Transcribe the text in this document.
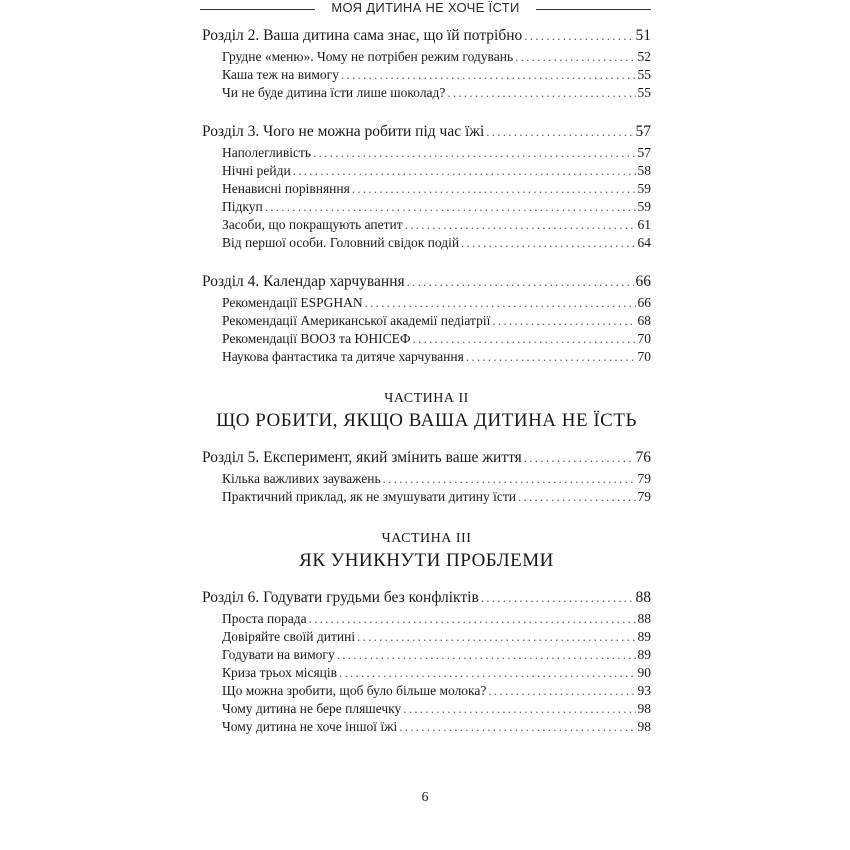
МОЯ ДИТИНА НЕ ХОЧЕ ЇСТИ
Розділ 2. Ваша дитина сама знає, що їй потрібно . . .	51
Грудне «меню». Чому не потрібен режим годувань . . .	52
Каша теж на вимогу . . .	55
Чи не буде дитина їсти лише шоколад? . . .	55
Розділ 3. Чого не можна робити під час їжі . . .	57
Наполегливість . . .	57
Нічні рейди . . .	58
Ненависні порівняння . . .	59
Підкуп . . .	59
Засоби, що покращують апетит . . .	61
Від першої особи. Головний свідок подій . . .	64
Розділ 4. Календар харчування . . .	66
Рекомендації ESPGHAN . . .	66
Рекомендації Американської академії педіатрії . . .	68
Рекомендації ВООЗ та ЮНІСЕФ . . .	70
Наукова фантастика та дитяче харчування . . .	70
ЧАСТИНА II
ЩО РОБИТИ, ЯКЩО ВАША ДИТИНА НЕ ЇСТЬ
Розділ 5. Експеримент, який змінить ваше життя . . .	76
Кілька важливих зауважень . . .	79
Практичний приклад, як не змушувати дитину їсти . . .	79
ЧАСТИНА III
ЯК УНИКНУТИ ПРОБЛЕМИ
Розділ 6. Годувати грудьми без конфліктів . . .	88
Проста порада . . .	88
Довіряйте своїй дитині . . .	89
Годувати на вимогу . . .	89
Криза трьох місяців . . .	90
Що можна зробити, щоб було більше молока? . . .	93
Чому дитина не бере пляшечку . . .	98
Чому дитина не хоче іншої їжі . . .	98
6
